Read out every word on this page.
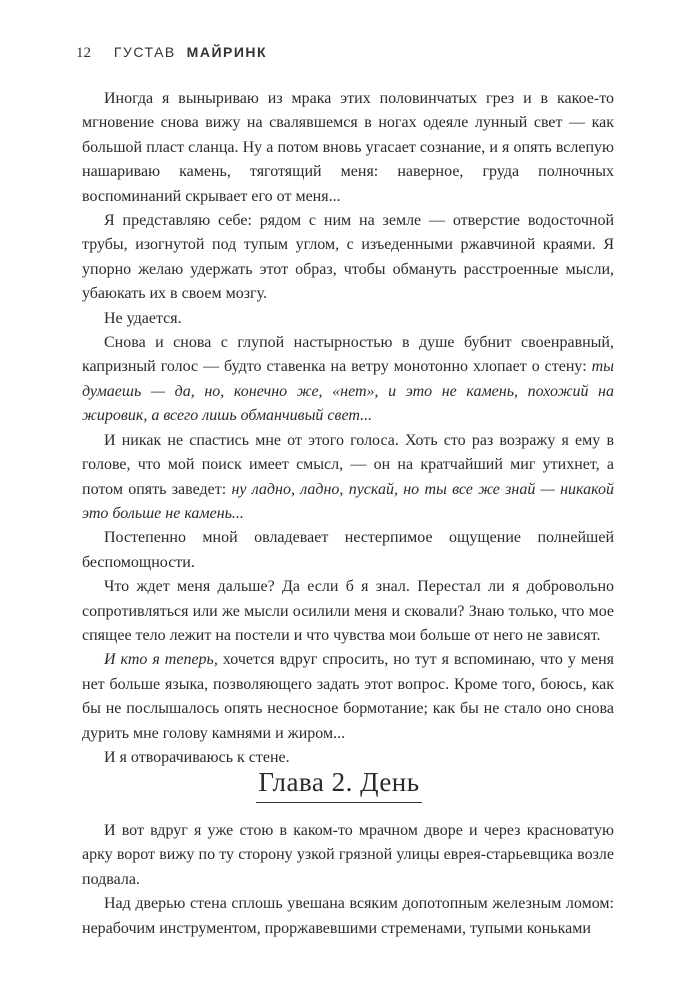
12 ГУСТАВ МАЙРИНК

Иногда я выныриваю из мрака этих половинчатых грез и в какое-то мгновение снова вижу на свалявшемся в ногах одеяле лунный свет — как большой пласт сланца. Ну а потом вновь угасает сознание, и я опять вслепую нашариваю камень, тяготящий меня: наверное, груда полночных воспоминаний скрывает его от меня...

Я представляю себе: рядом с ним на земле — отверстие водосточной трубы, изогнутой под тупым углом, с изъеденными ржавчиной краями. Я упорно желаю удержать этот образ, чтобы обмануть расстроенные мысли, убаюкать их в своем мозгу.

Не удается.

Снова и снова с глупой настырностью в душе бубнит своенравный, капризный голос — будто ставенка на ветру монотонно хлопает о стену: ты думаешь — да, но, конечно же, «нет», и это не камень, похожий на жировик, а всего лишь обманчивый свет...

И никак не спастись мне от этого голоса. Хоть сто раз возражу я ему в голове, что мой поиск имеет смысл, — он на кратчайший миг утихнет, а потом опять заведет: ну ладно, ладно, пускай, но ты все же знай — никакой это больше не камень...

Постепенно мной овладевает нестерпимое ощущение полнейшей беспомощности.

Что ждет меня дальше? Да если б я знал. Перестал ли я добровольно сопротивляться или же мысли осилили меня и сковали? Знаю только, что мое спящее тело лежит на постели и что чувства мои больше от него не зависят.

И кто я теперь, хочется вдруг спросить, но тут я вспоминаю, что у меня нет больше языка, позволяющего задать этот вопрос. Кроме того, боюсь, как бы не послышалось опять несносное бормотание; как бы не стало оно снова дурить мне голову камнями и жиром...

И я отворачиваюсь к стене.

Глава 2. День

И вот вдруг я уже стою в каком-то мрачном дворе и через красноватую арку ворот вижу по ту сторону узкой грязной улицы еврея-старьевщика возле подвала.

Над дверью стена сплошь увешана всяким допотопным железным ломом: нерабочим инструментом, проржавевшими стременами, тупыми коньками
